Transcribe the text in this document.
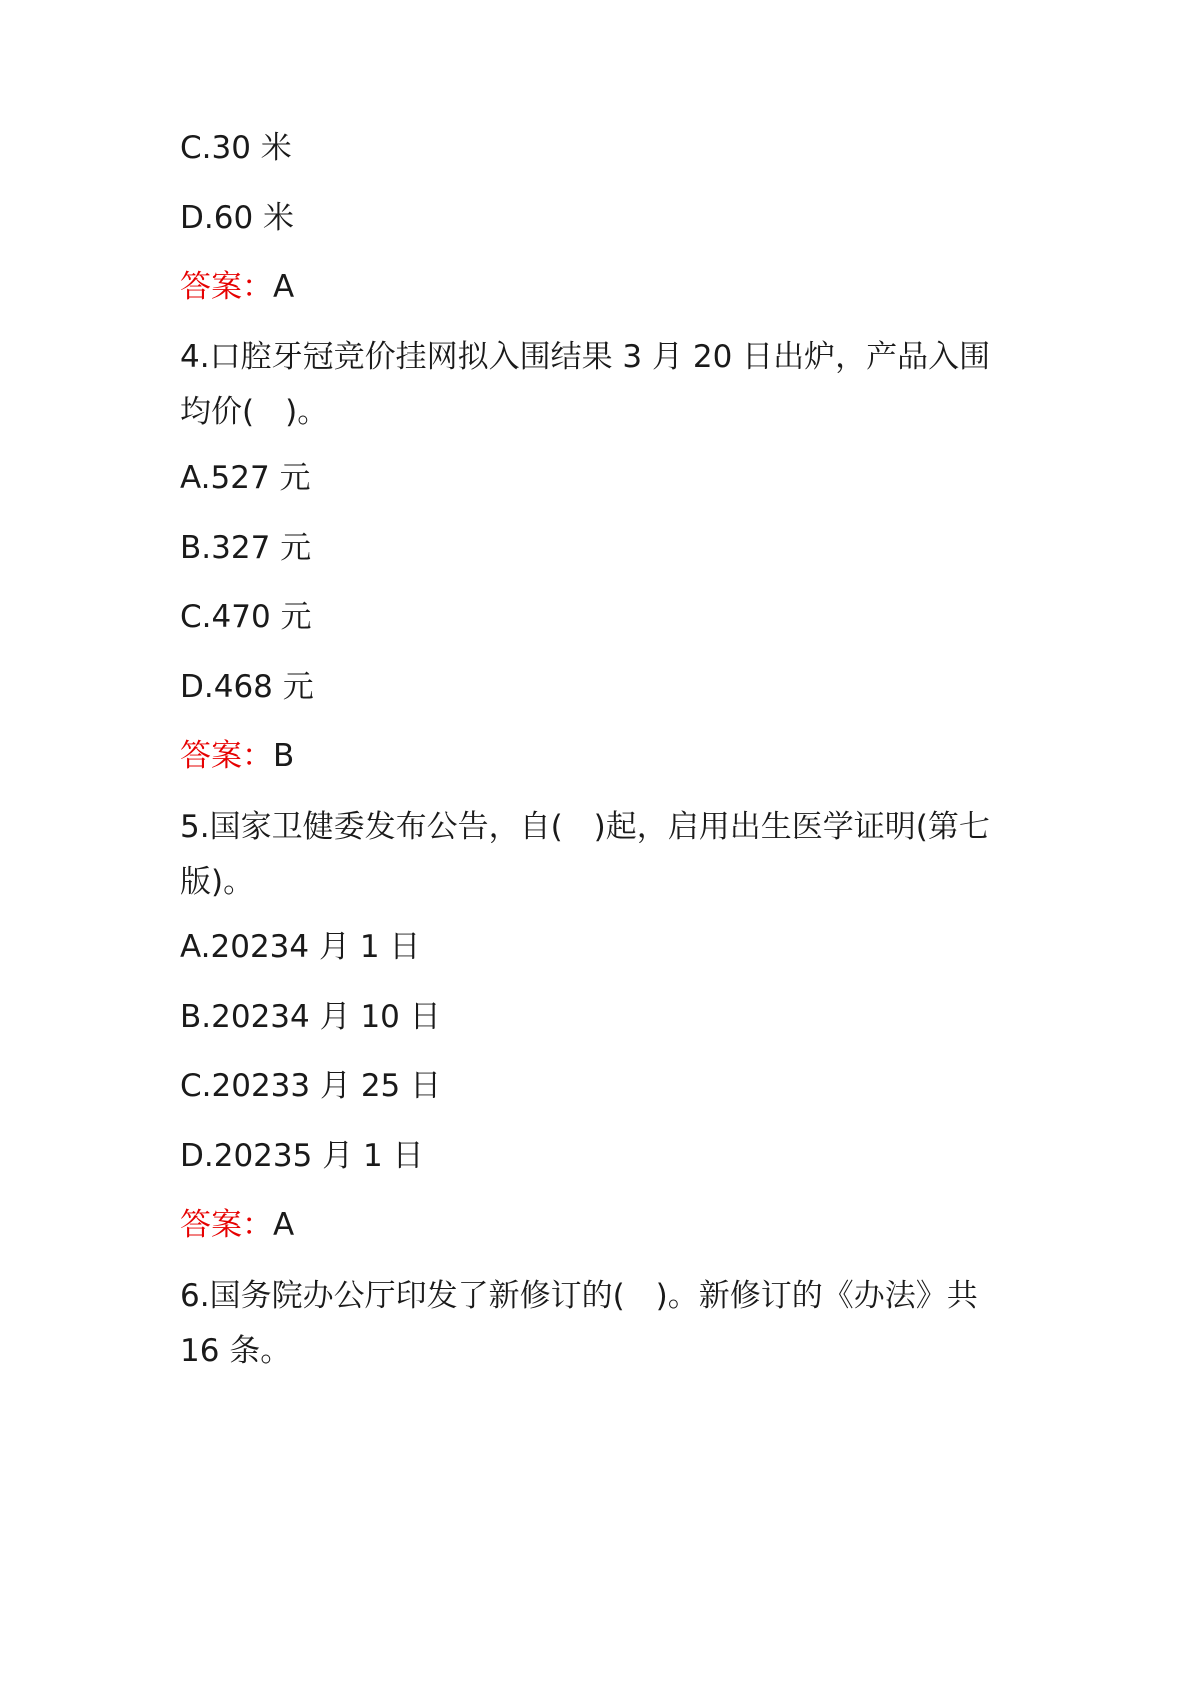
C.30 米
D.60 米
答案：A
4.口腔牙冠竞价挂网拟入围结果 3 月 20 日出炉，产品入围均价(　)。
A.527 元
B.327 元
C.470 元
D.468 元
答案：B
5.国家卫健委发布公告，自(　)起，启用出生医学证明(第七版)。
A.20234 月 1 日
B.20234 月 10 日
C.20233 月 25 日
D.20235 月 1 日
答案：A
6.国务院办公厅印发了新修订的(　)。新修订的《办法》共 16 条。
